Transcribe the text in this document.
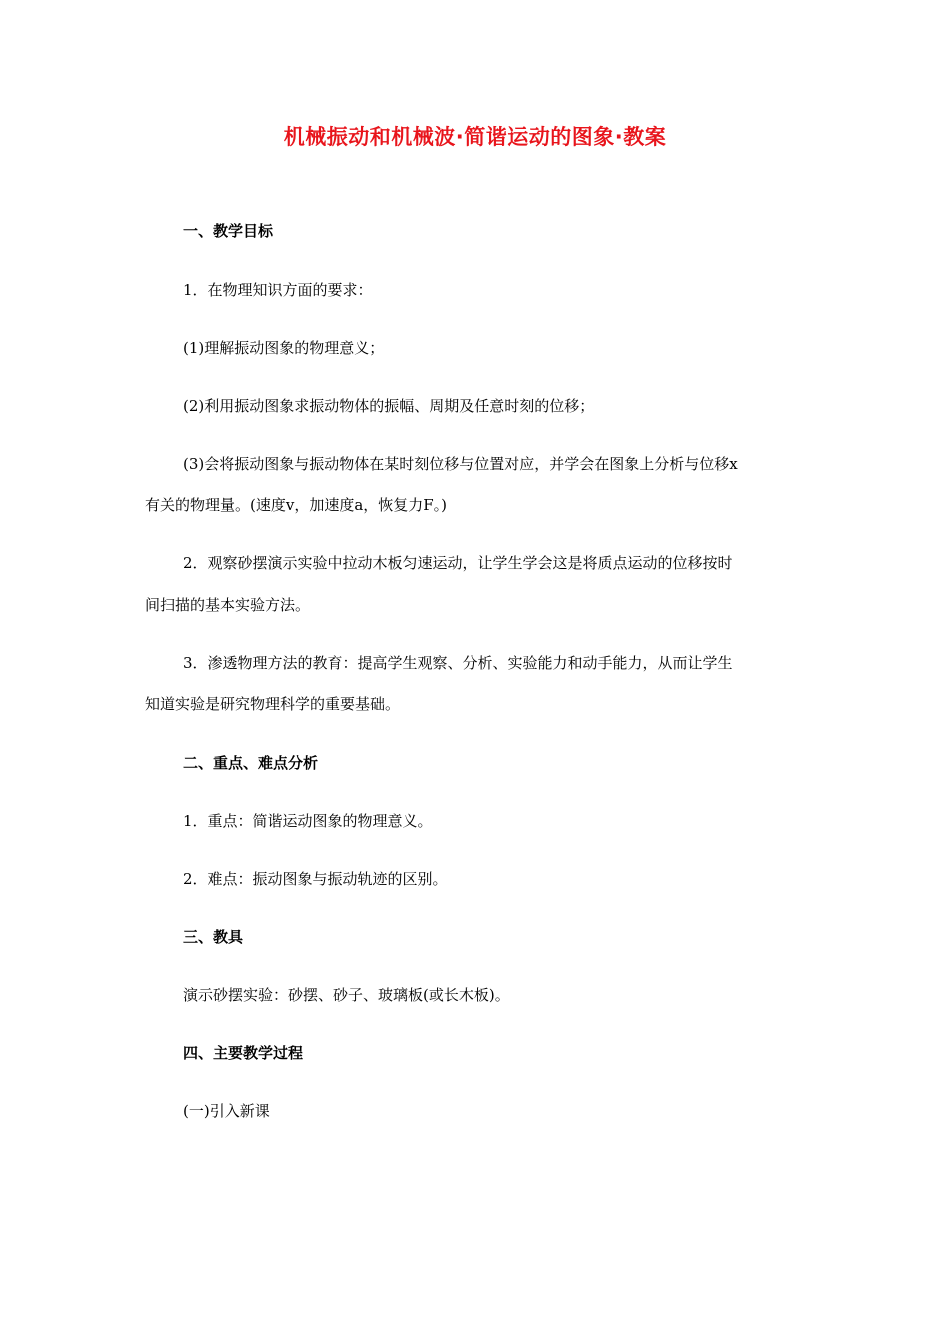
机械振动和机械波·简谐运动的图象·教案

一、教学目标

1．在物理知识方面的要求：

(1)理解振动图象的物理意义；

(2)利用振动图象求振动物体的振幅、周期及任意时刻的位移；

(3)会将振动图象与振动物体在某时刻位移与位置对应，并学会在图象上分析与位移x

有关的物理量。(速度v，加速度a，恢复力F。)

2．观察砂摆演示实验中拉动木板匀速运动，让学生学会这是将质点运动的位移按时

间扫描的基本实验方法。

3．渗透物理方法的教育：提高学生观察、分析、实验能力和动手能力，从而让学生

知道实验是研究物理科学的重要基础。

二、重点、难点分析

1．重点：简谐运动图象的物理意义。

2．难点：振动图象与振动轨迹的区别。

三、教具

演示砂摆实验：砂摆、砂子、玻璃板(或长木板)。

四、主要教学过程

(一)引入新课
